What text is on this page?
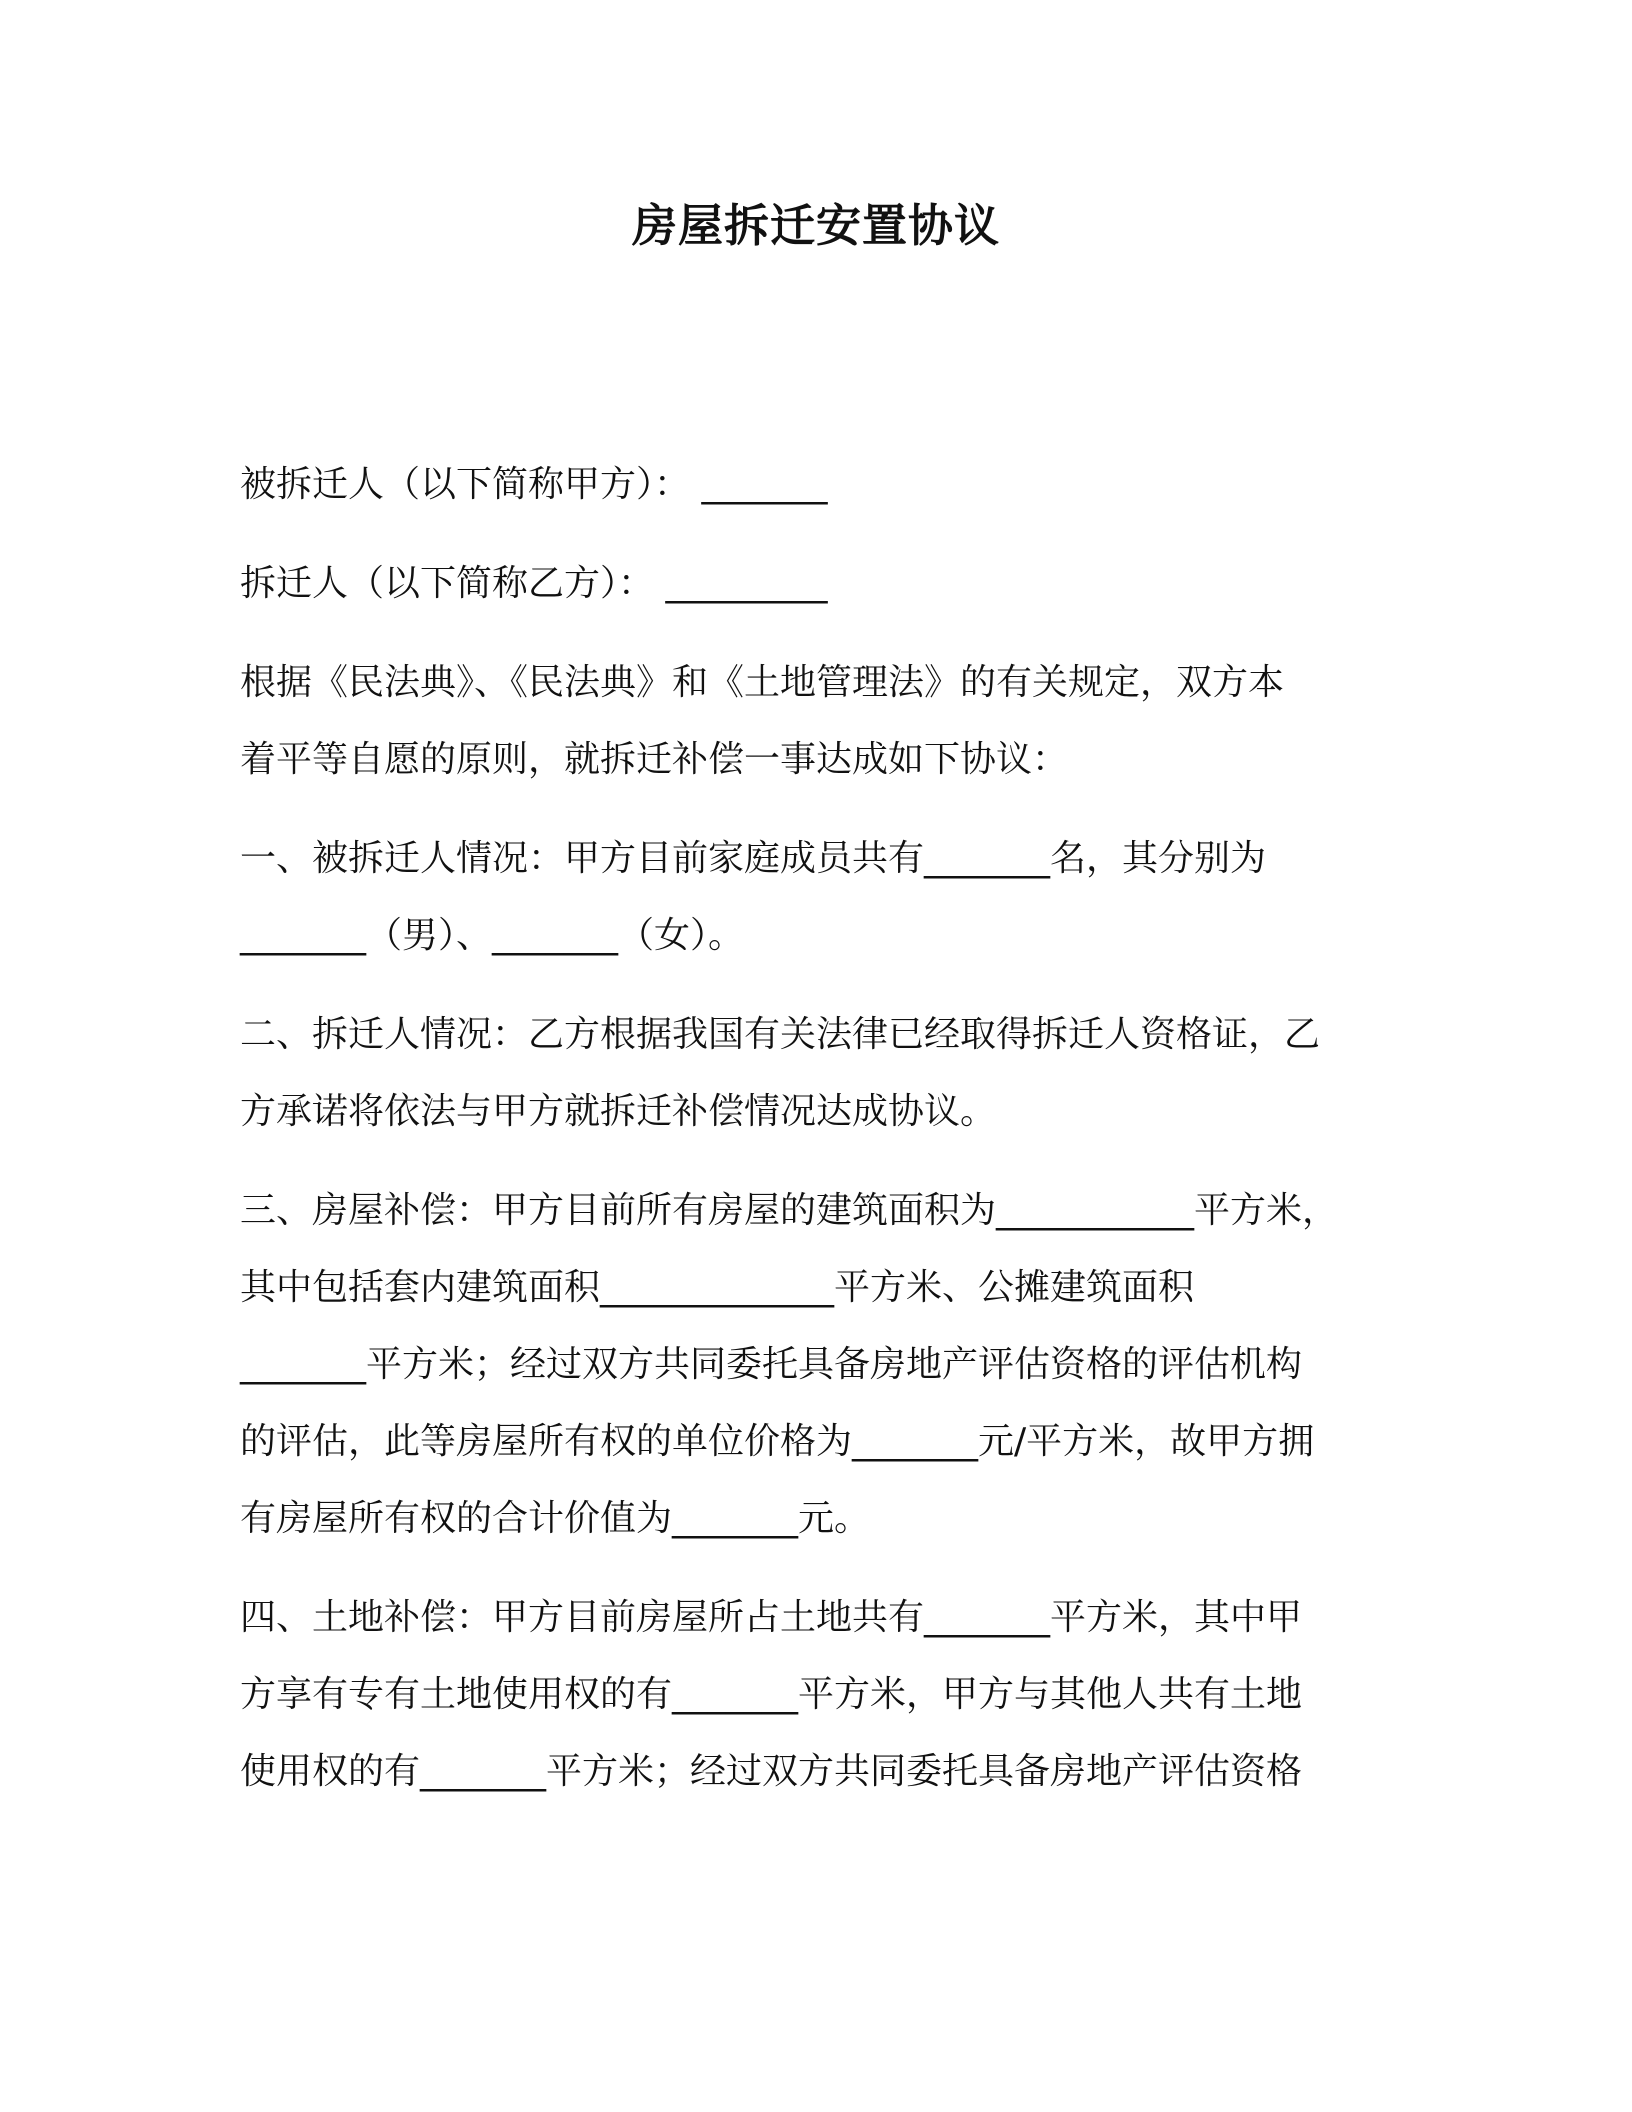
房屋拆迁安置协议

被拆迁人（以下简称甲方）： _______

拆迁人（以下简称乙方）： _________

根据《民法典》、《民法典》和《土地管理法》的有关规定，双方本
着平等自愿的原则，就拆迁补偿一事达成如下协议：

一、被拆迁人情况：甲方目前家庭成员共有_______名，其分别为
_______（男）、_______（女）。

二、拆迁人情况：乙方根据我国有关法律已经取得拆迁人资格证，乙
方承诺将依法与甲方就拆迁补偿情况达成协议。

三、房屋补偿：甲方目前所有房屋的建筑面积为___________平方米，
其中包括套内建筑面积_____________平方米、公摊建筑面积
_______平方米；经过双方共同委托具备房地产评估资格的评估机构
的评估，此等房屋所有权的单位价格为_______元/平方米，故甲方拥
有房屋所有权的合计价值为_______元。

四、土地补偿：甲方目前房屋所占土地共有_______平方米，其中甲
方享有专有土地使用权的有_______平方米，甲方与其他人共有土地
使用权的有_______平方米；经过双方共同委托具备房地产评估资格
